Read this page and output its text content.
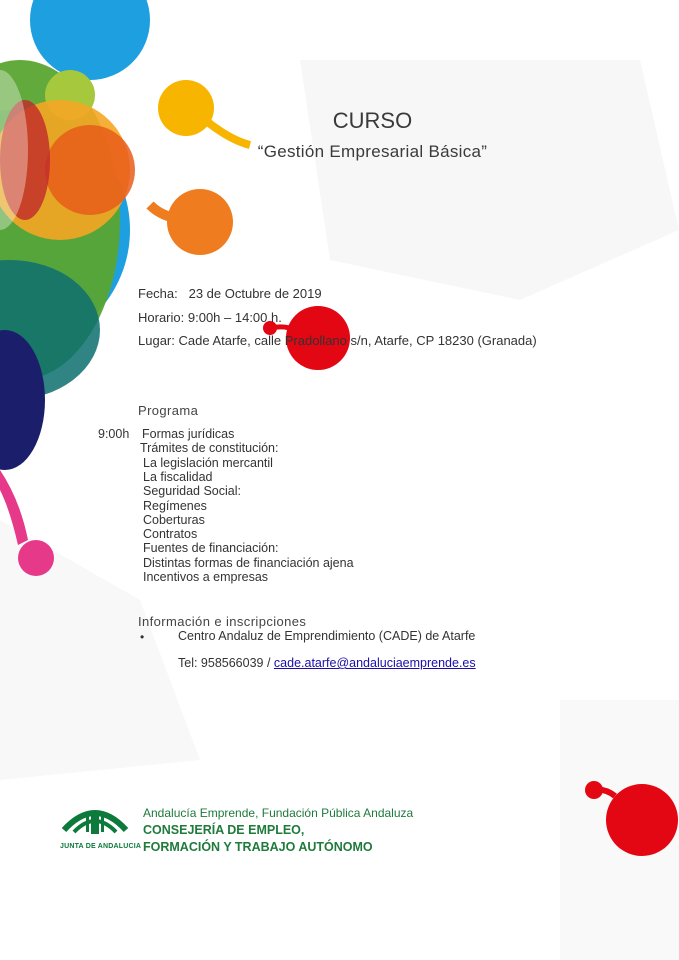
CURSO
“Gestión Empresarial Básica”
Fecha: 23 de Octubre de 2019
Horario: 9:00h – 14:00 h.
Lugar: Cade Atarfe, calle Pradollano s/n, Atarfe, CP 18230 (Granada)
Programa
9:00h Formas jurídicas
Trámites de constitución:
La legislación mercantil
La fiscalidad
Seguridad Social:
Regímenes
Coberturas
Contratos
Fuentes de financiación:
Distintas formas de financiación ajena
Incentivos a empresas
Información e inscripciones
•	Centro Andaluz de Emprendimiento (CADE) de Atarfe
Tel: 958566039 / cade.atarfe@andaluciaemprende.es
JUNTA DE ANDALUCIA
Andalucía Emprende, Fundación Pública Andaluza
CONSEJERÍA DE EMPLEO,
FORMACIÓN Y TRABAJO AUTÓNOMO
